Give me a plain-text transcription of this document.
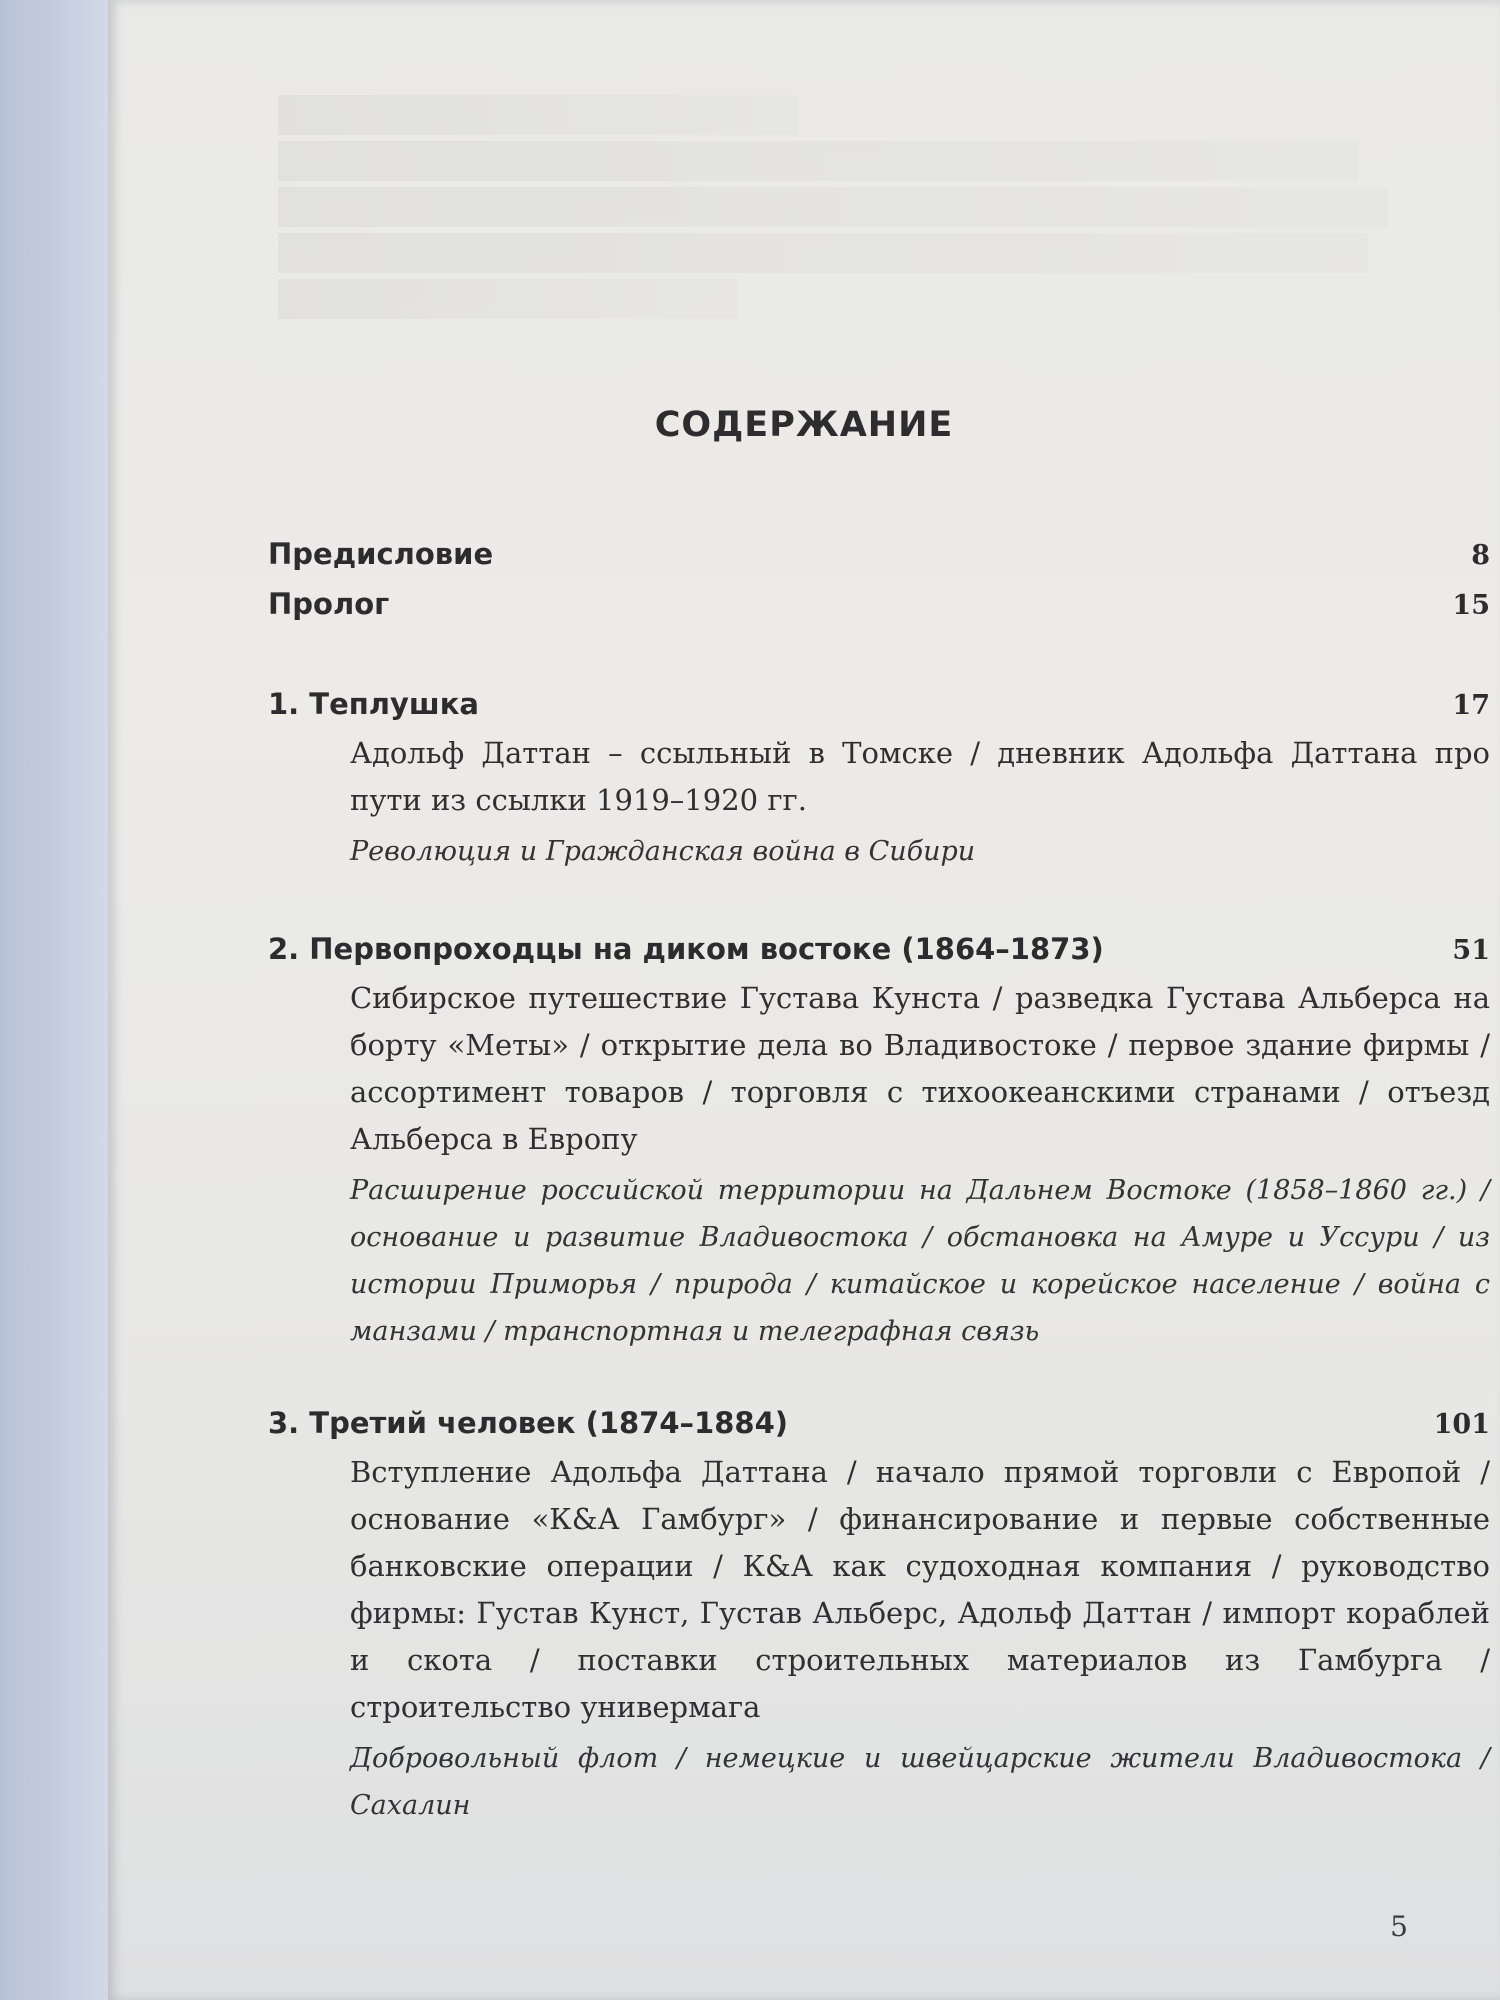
СОДЕРЖАНИЕ
Предисловие	8
Пролог	15
1. Теплушка	17
Адольф Даттан – ссыльный в Томске / дневник Адольфа Даттана про пути из ссылки 1919–1920 гг.
Революция и Гражданская война в Сибири
2. Первопроходцы на диком востоке (1864–1873)	51
Сибирское путешествие Густава Кунста / разведка Густава Альберса на борту «Меты» / открытие дела во Владивостоке / первое здание фирмы / ассортимент товаров / торговля с тихоокеанскими странами / отъезд Альберса в Европу
Расширение российской территории на Дальнем Востоке (1858–1860 гг.) / основание и развитие Владивостока / обстановка на Амуре и Уссури / из истории Приморья / природа / китайское и корейское население / война с манзами / транспортная и телеграфная связь
3. Третий человек (1874–1884)	101
Вступление Адольфа Даттана / начало прямой торговли с Европой / основание «К&А Гамбург» / финансирование и первые собственные банковские операции / К&А как судоходная компания / руководство фирмы: Густав Кунст, Густав Альберс, Адольф Даттан / импорт кораблей и скота / поставки строительных материалов из Гамбурга / строительство универмага
Добровольный флот / немецкие и швейцарские жители Владивостока / Сахалин
5
